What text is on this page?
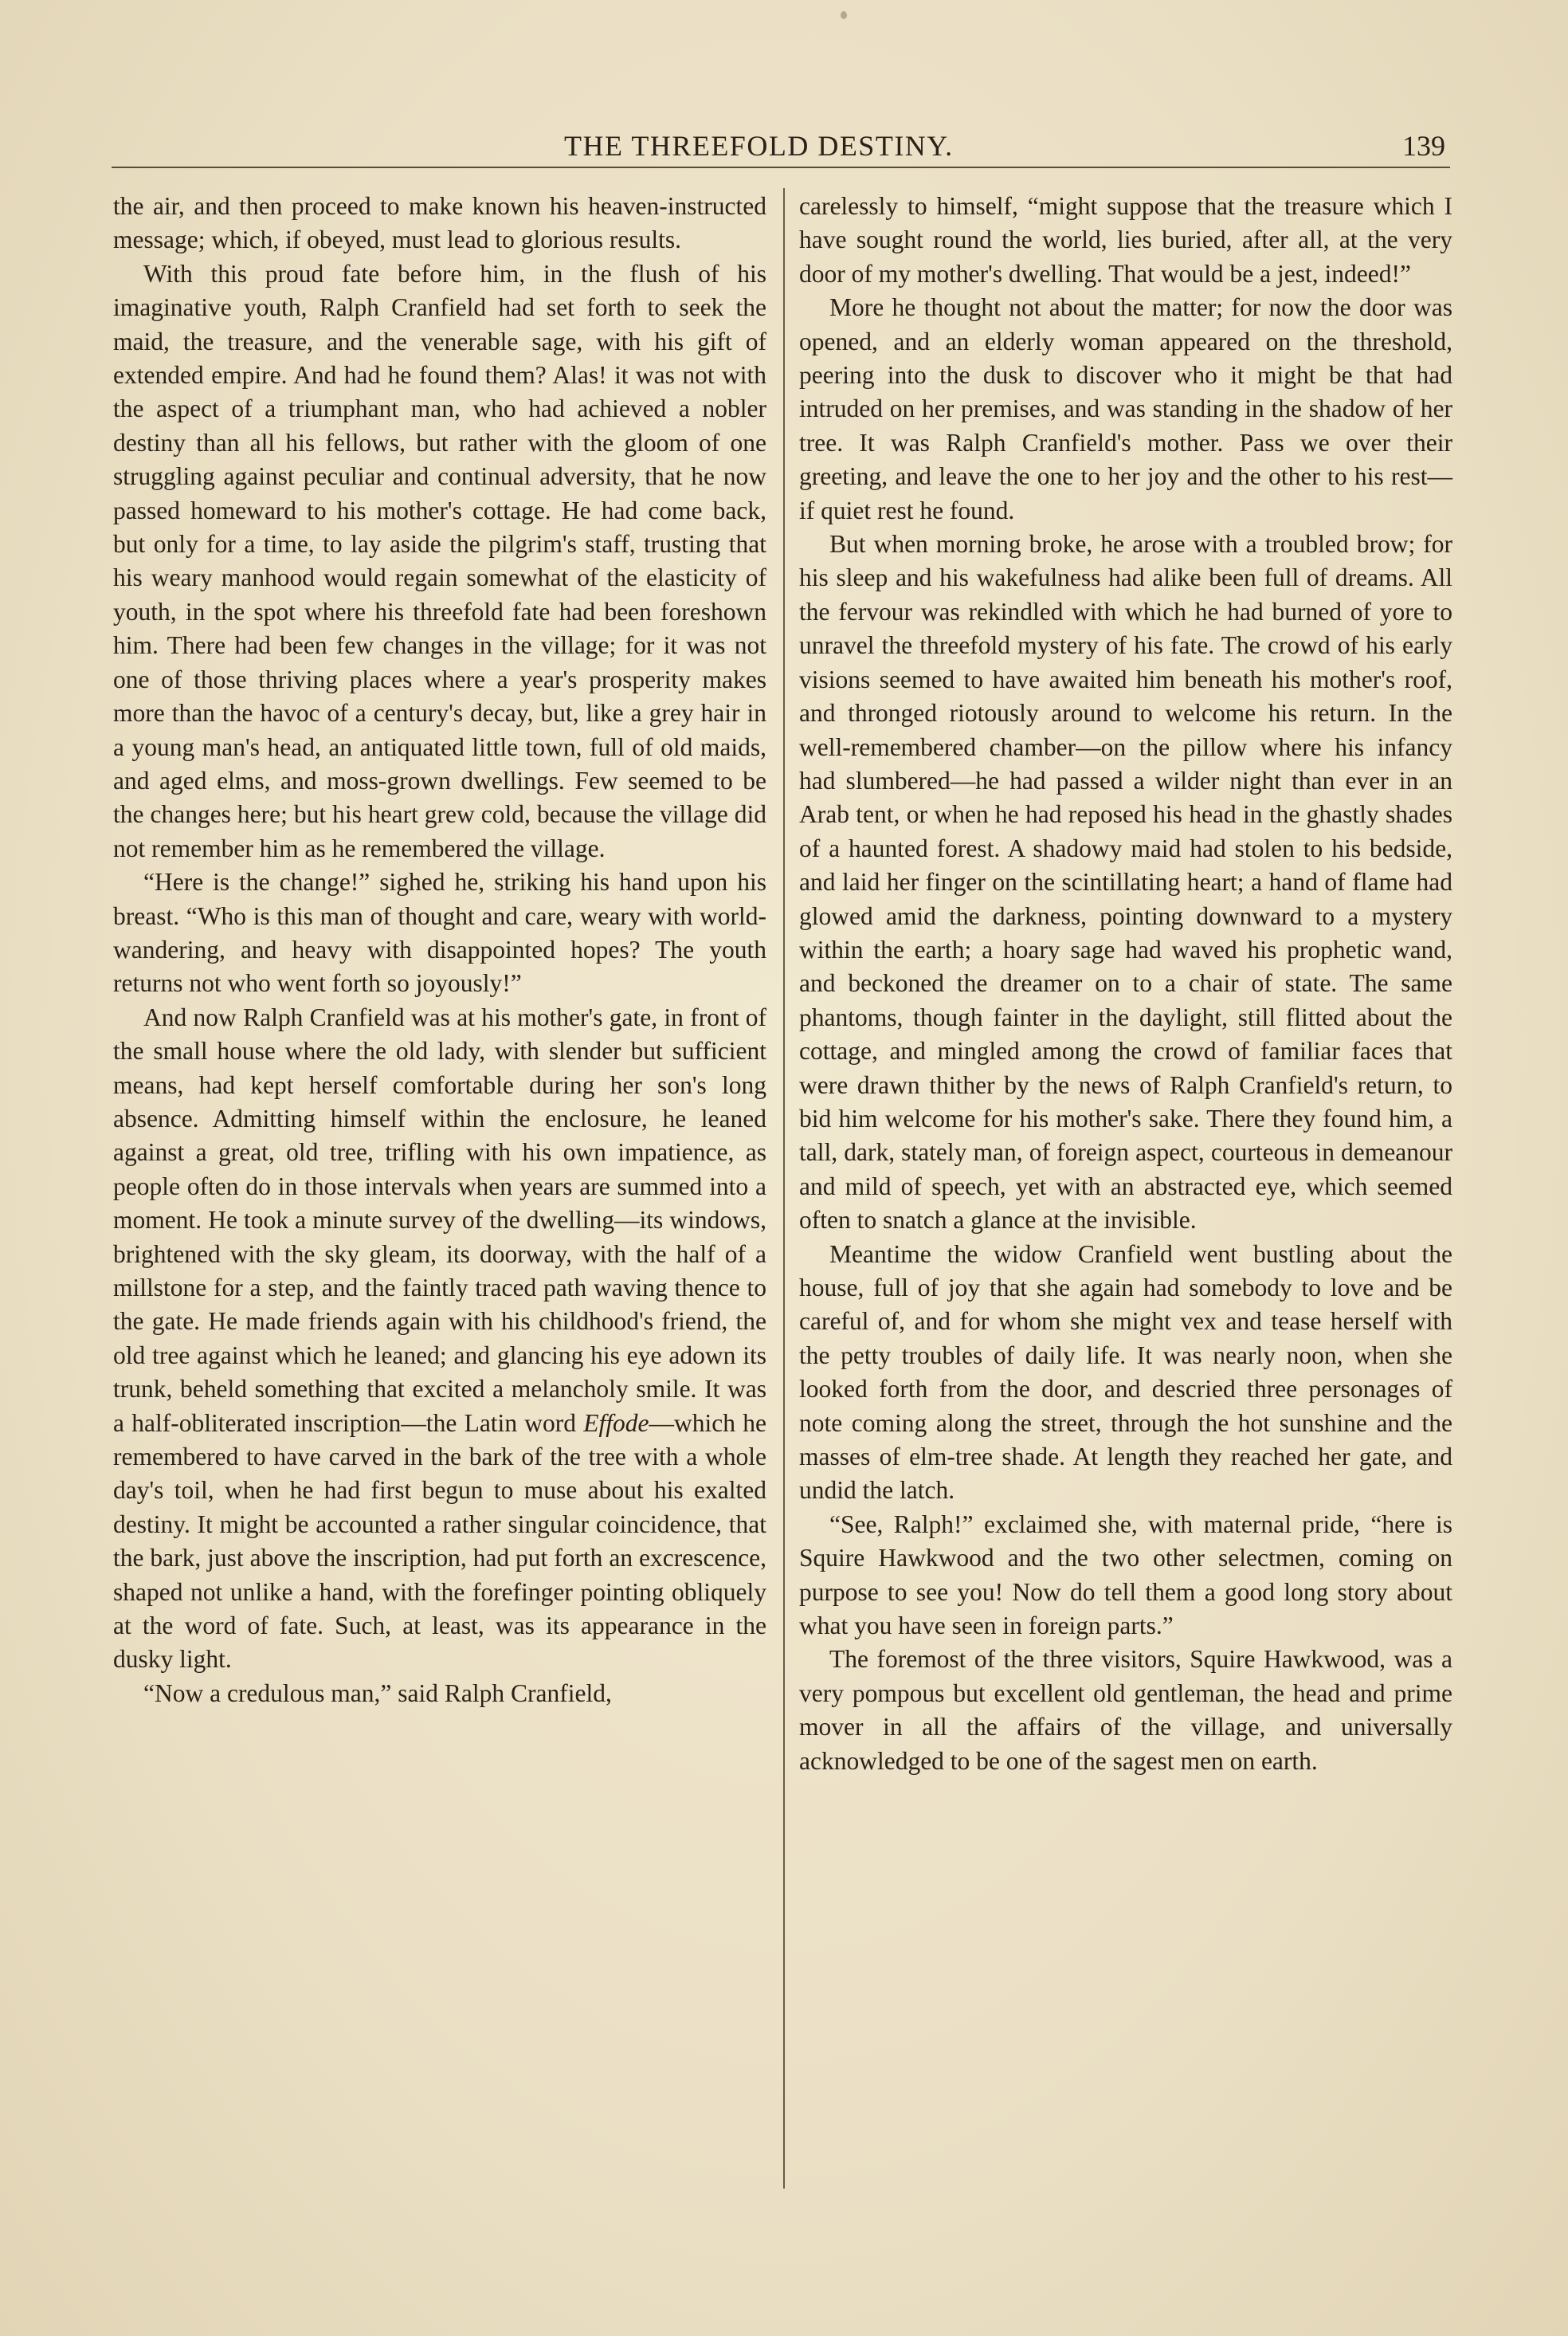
THE THREEFOLD DESTINY.	139

the air, and then proceed to make known his heaven-instructed message; which, if obeyed, must lead to glorious results.

With this proud fate before him, in the flush of his imaginative youth, Ralph Cranfield had set forth to seek the maid, the treasure, and the venerable sage, with his gift of extended empire. And had he found them? Alas! it was not with the aspect of a triumphant man, who had achieved a nobler destiny than all his fellows, but rather with the gloom of one struggling against peculiar and continual adversity, that he now passed homeward to his mother's cottage. He had come back, but only for a time, to lay aside the pilgrim's staff, trusting that his weary manhood would regain somewhat of the elasticity of youth, in the spot where his threefold fate had been foreshown him. There had been few changes in the village; for it was not one of those thriving places where a year's prosperity makes more than the havoc of a century's decay, but, like a grey hair in a young man's head, an antiquated little town, full of old maids, and aged elms, and moss-grown dwellings. Few seemed to be the changes here; but his heart grew cold, because the village did not remember him as he remembered the village.

“Here is the change!” sighed he, striking his hand upon his breast. “Who is this man of thought and care, weary with world-wandering, and heavy with disappointed hopes? The youth returns not who went forth so joyously!”

And now Ralph Cranfield was at his mother's gate, in front of the small house where the old lady, with slender but sufficient means, had kept herself comfortable during her son's long absence. Admitting himself within the enclosure, he leaned against a great, old tree, trifling with his own impatience, as people often do in those intervals when years are summed into a moment. He took a minute survey of the dwelling—its windows, brightened with the sky gleam, its doorway, with the half of a millstone for a step, and the faintly traced path waving thence to the gate. He made friends again with his childhood's friend, the old tree against which he leaned; and glancing his eye adown its trunk, beheld something that excited a melancholy smile. It was a half-obliterated inscription—the Latin word Effode—which he remembered to have carved in the bark of the tree with a whole day's toil, when he had first begun to muse about his exalted destiny. It might be accounted a rather singular coincidence, that the bark, just above the inscription, had put forth an excrescence, shaped not unlike a hand, with the forefinger pointing obliquely at the word of fate. Such, at least, was its appearance in the dusky light.

“Now a credulous man,” said Ralph Cranfield,

carelessly to himself, “might suppose that the treasure which I have sought round the world, lies buried, after all, at the very door of my mother's dwelling. That would be a jest, indeed!”

More he thought not about the matter; for now the door was opened, and an elderly woman appeared on the threshold, peering into the dusk to discover who it might be that had intruded on her premises, and was standing in the shadow of her tree. It was Ralph Cranfield's mother. Pass we over their greeting, and leave the one to her joy and the other to his rest—if quiet rest he found.

But when morning broke, he arose with a troubled brow; for his sleep and his wakefulness had alike been full of dreams. All the fervour was rekindled with which he had burned of yore to unravel the threefold mystery of his fate. The crowd of his early visions seemed to have awaited him beneath his mother's roof, and thronged riotously around to welcome his return. In the well-remembered chamber—on the pillow where his infancy had slumbered—he had passed a wilder night than ever in an Arab tent, or when he had reposed his head in the ghastly shades of a haunted forest. A shadowy maid had stolen to his bedside, and laid her finger on the scintillating heart; a hand of flame had glowed amid the darkness, pointing downward to a mystery within the earth; a hoary sage had waved his prophetic wand, and beckoned the dreamer on to a chair of state. The same phantoms, though fainter in the daylight, still flitted about the cottage, and mingled among the crowd of familiar faces that were drawn thither by the news of Ralph Cranfield's return, to bid him welcome for his mother's sake. There they found him, a tall, dark, stately man, of foreign aspect, courteous in demeanour and mild of speech, yet with an abstracted eye, which seemed often to snatch a glance at the invisible.

Meantime the widow Cranfield went bustling about the house, full of joy that she again had somebody to love and be careful of, and for whom she might vex and tease herself with the petty troubles of daily life. It was nearly noon, when she looked forth from the door, and descried three personages of note coming along the street, through the hot sunshine and the masses of elm-tree shade. At length they reached her gate, and undid the latch.

“See, Ralph!” exclaimed she, with maternal pride, “here is Squire Hawkwood and the two other selectmen, coming on purpose to see you! Now do tell them a good long story about what you have seen in foreign parts.”

The foremost of the three visitors, Squire Hawkwood, was a very pompous but excellent old gentleman, the head and prime mover in all the affairs of the village, and universally acknowledged to be one of the sagest men on earth.
